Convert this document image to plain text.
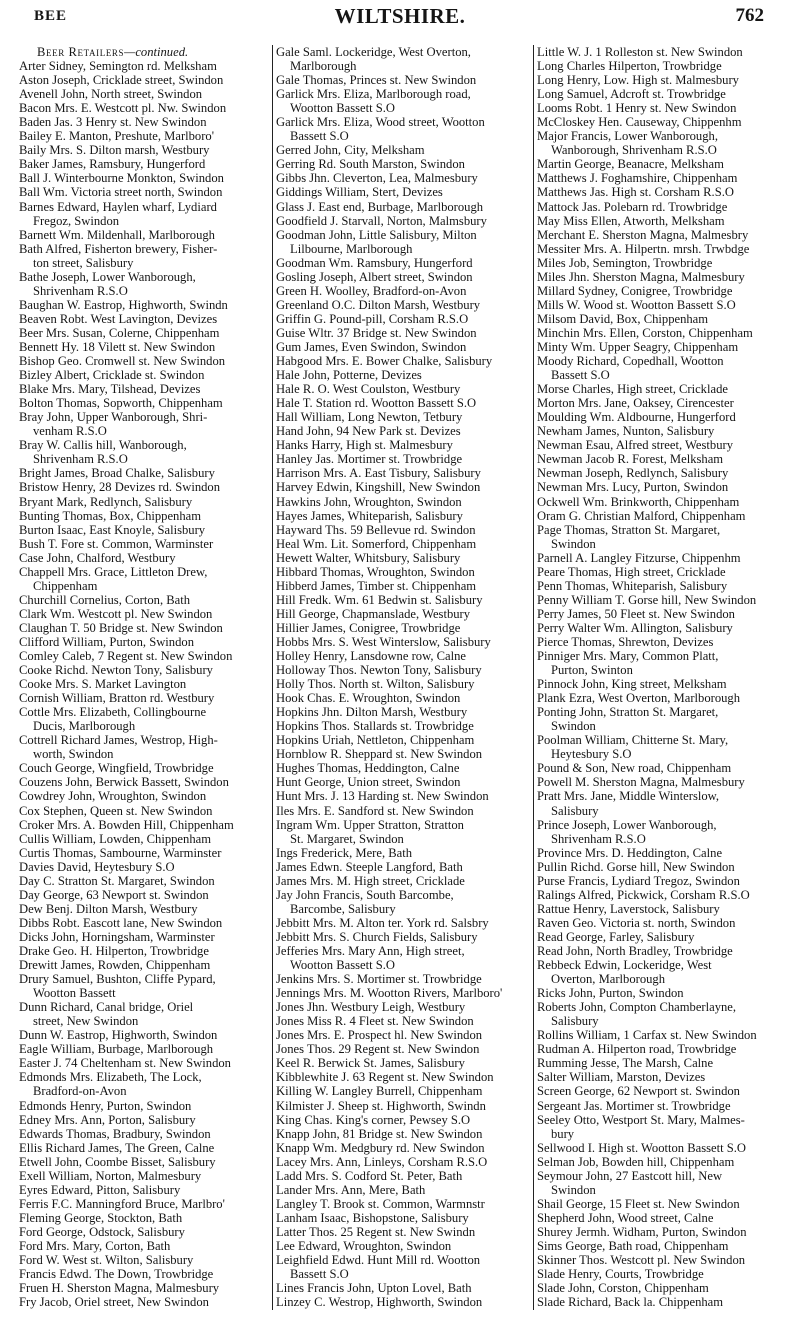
BEE	WILTSHIRE.	762
Beer Retailers—continued.
Arter Sidney, Semington rd. Melksham
Aston Joseph, Cricklade street, Swindon
Avenell John, North street, Swindon
Bacon Mrs. E. Westcott pl. Nw. Swindon
Baden Jas. 3 Henry st. New Swindon
Bailey E. Manton, Preshute, Marlboro'
Baily Mrs. S. Dilton marsh, Westbury
Baker James, Ramsbury, Hungerford
Ball J. Winterbourne Monkton, Swindon
Ball Wm. Victoria street north, Swindon
Barnes Edward, Haylen wharf, Lydiard
Fregoz, Swindon
Barnett Wm. Mildenhall, Marlborough
Bath Alfred, Fisherton brewery, Fisher-
ton street, Salisbury
Bathe Joseph, Lower Wanborough,
Shrivenham R.S.O
Baughan W. Eastrop, Highworth, Swindn
Beaven Robt. West Lavington, Devizes
Beer Mrs. Susan, Colerne, Chippenham
Bennett Hy. 18 Vilett st. New Swindon
Bishop Geo. Cromwell st. New Swindon
Bizley Albert, Cricklade st. Swindon
Blake Mrs. Mary, Tilshead, Devizes
Bolton Thomas, Sopworth, Chippenham
Bray John, Upper Wanborough, Shri-
venham R.S.O
Bray W. Callis hill, Wanborough,
Shrivenham R.S.O
Bright James, Broad Chalke, Salisbury
Bristow Henry, 28 Devizes rd. Swindon
Bryant Mark, Redlynch, Salisbury
Bunting Thomas, Box, Chippenham
Burton Isaac, East Knoyle, Salisbury
Bush T. Fore st. Common, Warminster
Case John, Chalford, Westbury
Chappell Mrs. Grace, Littleton Drew,
Chippenham
Churchill Cornelius, Corton, Bath
Clark Wm. Westcott pl. New Swindon
Claughan T. 50 Bridge st. New Swindon
Clifford William, Purton, Swindon
Comley Caleb, 7 Regent st. New Swindon
Cooke Richd. Newton Tony, Salisbury
Cooke Mrs. S. Market Lavington
Cornish William, Bratton rd. Westbury
Cottle Mrs. Elizabeth, Collingbourne
Ducis, Marlborough
Cottrell Richard James, Westrop, High-
worth, Swindon
Couch George, Wingfield, Trowbridge
Couzens John, Berwick Bassett, Swindon
Cowdrey John, Wroughton, Swindon
Cox Stephen, Queen st. New Swindon
Croker Mrs. A. Bowden Hill, Chippenham
Cullis William, Lowden, Chippenham
Curtis Thomas, Sambourne, Warminster
Davies David, Heytesbury S.O
Day C. Stratton St. Margaret, Swindon
Day George, 63 Newport st. Swindon
Dew Benj. Dilton Marsh, Westbury
Dibbs Robt. Eascott lane, New Swindon
Dicks John, Horningsham, Warminster
Drake Geo. H. Hilperton, Trowbridge
Drewitt James, Rowden, Chippenham
Drury Samuel, Bushton, Cliffe Pypard,
Wootton Bassett
Dunn Richard, Canal bridge, Oriel
street, New Swindon
Dunn W. Eastrop, Highworth, Swindon
Eagle William, Burbage, Marlborough
Easter J. 74 Cheltenham st. New Swindon
Edmonds Mrs. Elizabeth, The Lock,
Bradford-on-Avon
Edmonds Henry, Purton, Swindon
Edney Mrs. Ann, Porton, Salisbury
Edwards Thomas, Bradbury, Swindon
Ellis Richard James, The Green, Calne
Etwell John, Coombe Bisset, Salisbury
Exell William, Norton, Malmesbury
Eyres Edward, Pitton, Salisbury
Ferris F.C. Manningford Bruce, Marlbro'
Fleming George, Stockton, Bath
Ford George, Odstock, Salisbury
Ford Mrs. Mary, Corton, Bath
Ford W. West st. Wilton, Salisbury
Francis Edwd. The Down, Trowbridge
Fruen H. Sherston Magna, Malmesbury
Fry Jacob, Oriel street, New Swindon
Gale Saml. Lockeridge, West Overton,
Marlborough
Gale Thomas, Princes st. New Swindon
Garlick Mrs. Eliza, Marlborough road,
Wootton Bassett S.O
Garlick Mrs. Eliza, Wood street, Wootton
Bassett S.O
Gerred John, City, Melksham
Gerring Rd. South Marston, Swindon
Gibbs Jhn. Cleverton, Lea, Malmesbury
Giddings William, Stert, Devizes
Glass J. East end, Burbage, Marlborough
Goodfield J. Starvall, Norton, Malmsbury
Goodman John, Little Salisbury, Milton
Lilbourne, Marlborough
Goodman Wm. Ramsbury, Hungerford
Gosling Joseph, Albert street, Swindon
Green H. Woolley, Bradford-on-Avon
Greenland O.C. Dilton Marsh, Westbury
Griffin G. Pound-pill, Corsham R.S.O
Guise Wltr. 37 Bridge st. New Swindon
Gum James, Even Swindon, Swindon
Habgood Mrs. E. Bower Chalke, Salisbury
Hale John, Potterne, Devizes
Hale R. O. West Coulston, Westbury
Hale T. Station rd. Wootton Bassett S.O
Hall William, Long Newton, Tetbury
Hand John, 94 New Park st. Devizes
Hanks Harry, High st. Malmesbury
Hanley Jas. Mortimer st. Trowbridge
Harrison Mrs. A. East Tisbury, Salisbury
Harvey Edwin, Kingshill, New Swindon
Hawkins John, Wroughton, Swindon
Hayes James, Whiteparish, Salisbury
Hayward Ths. 59 Bellevue rd. Swindon
Heal Wm. Lit. Somerford, Chippenham
Hewett Walter, Whitsbury, Salisbury
Hibbard Thomas, Wroughton, Swindon
Hibberd James, Timber st. Chippenham
Hill Fredk. Wm. 61 Bedwin st. Salisbury
Hill George, Chapmanslade, Westbury
Hillier James, Conigree, Trowbridge
Hobbs Mrs. S. West Winterslow, Salisbury
Holley Henry, Lansdowne row, Calne
Holloway Thos. Newton Tony, Salisbury
Holly Thos. North st. Wilton, Salisbury
Hook Chas. E. Wroughton, Swindon
Hopkins Jhn. Dilton Marsh, Westbury
Hopkins Thos. Stallards st. Trowbridge
Hopkins Uriah, Nettleton, Chippenham
Hornblow R. Sheppard st. New Swindon
Hughes Thomas, Heddington, Calne
Hunt George, Union street, Swindon
Hunt Mrs. J. 13 Harding st. New Swindon
Iles Mrs. E. Sandford st. New Swindon
Ingram Wm. Upper Stratton, Stratton
St. Margaret, Swindon
Ings Frederick, Mere, Bath
James Edwn. Steeple Langford, Bath
James Mrs. M. High street, Cricklade
Jay John Francis, South Barcombe,
Barcombe, Salisbury
Jebbitt Mrs. M. Alton ter. York rd. Salsbry
Jebbitt Mrs. S. Church Fields, Salisbury
Jefferies Mrs. Mary Ann, High street,
Wootton Bassett S.O
Jenkins Mrs. S. Mortimer st. Trowbridge
Jennings Mrs. M. Wootton Rivers, Marlboro'
Jones Jhn. Westbury Leigh, Westbury
Jones Miss R. 4 Fleet st. New Swindon
Jones Mrs. E. Prospect hl. New Swindon
Jones Thos. 29 Regent st. New Swindon
Keel R. Berwick St. James, Salisbury
Kibblewhite J. 63 Regent st. New Swindon
Killing W. Langley Burrell, Chippenham
Kilmister J. Sheep st. Highworth, Swindn
King Chas. King's corner, Pewsey S.O
Knapp John, 81 Bridge st. New Swindon
Knapp Wm. Medgbury rd. New Swindon
Lacey Mrs. Ann, Linleys, Corsham R.S.O
Ladd Mrs. S. Codford St. Peter, Bath
Lander Mrs. Ann, Mere, Bath
Langley T. Brook st. Common, Warmnstr
Lanham Isaac, Bishopstone, Salisbury
Latter Thos. 25 Regent st. New Swindn
Lee Edward, Wroughton, Swindon
Leighfield Edwd. Hunt Mill rd. Wootton
Bassett S.O
Lines Francis John, Upton Lovel, Bath
Linzey C. Westrop, Highworth, Swindon
Little W. J. 1 Rolleston st. New Swindon
Long Charles Hilperton, Trowbridge
Long Henry, Low. High st. Malmesbury
Long Samuel, Adcroft st. Trowbridge
Looms Robt. 1 Henry st. New Swindon
McCloskey Hen. Causeway, Chippenhm
Major Francis, Lower Wanborough,
Wanborough, Shrivenham R.S.O
Martin George, Beanacre, Melksham
Matthews J. Foghamshire, Chippenham
Matthews Jas. High st. Corsham R.S.O
Mattock Jas. Polebarn rd. Trowbridge
May Miss Ellen, Atworth, Melksham
Merchant E. Sherston Magna, Malmesbry
Messiter Mrs. A. Hilpertn. mrsh. Trwbdge
Miles Job, Semington, Trowbridge
Miles Jhn. Sherston Magna, Malmesbury
Millard Sydney, Conigree, Trowbridge
Mills W. Wood st. Wootton Bassett S.O
Milsom David, Box, Chippenham
Minchin Mrs. Ellen, Corston, Chippenham
Minty Wm. Upper Seagry, Chippenham
Moody Richard, Copedhall, Wootton
Bassett S.O
Morse Charles, High street, Cricklade
Morton Mrs. Jane, Oaksey, Cirencester
Moulding Wm. Aldbourne, Hungerford
Newham James, Nunton, Salisbury
Newman Esau, Alfred street, Westbury
Newman Jacob R. Forest, Melksham
Newman Joseph, Redlynch, Salisbury
Newman Mrs. Lucy, Purton, Swindon
Ockwell Wm. Brinkworth, Chippenham
Oram G. Christian Malford, Chippenham
Page Thomas, Stratton St. Margaret,
Swindon
Parnell A. Langley Fitzurse, Chippenhm
Peare Thomas, High street, Cricklade
Penn Thomas, Whiteparish, Salisbury
Penny William T. Gorse hill, New Swindon
Perry James, 50 Fleet st. New Swindon
Perry Walter Wm. Allington, Salisbury
Pierce Thomas, Shrewton, Devizes
Pinniger Mrs. Mary, Common Platt,
Purton, Swinton
Pinnock John, King street, Melksham
Plank Ezra, West Overton, Marlborough
Ponting John, Stratton St. Margaret,
Swindon
Poolman William, Chitterne St. Mary,
Heytesbury S.O
Pound & Son, New road, Chippenham
Powell M. Sherston Magna, Malmesbury
Pratt Mrs. Jane, Middle Winterslow,
Salisbury
Prince Joseph, Lower Wanborough,
Shrivenham R.S.O
Province Mrs. D. Heddington, Calne
Pullin Richd. Gorse hill, New Swindon
Purse Francis, Lydiard Tregoz, Swindon
Ralings Alfred, Pickwick, Corsham R.S.O
Rattue Henry, Laverstock, Salisbury
Raven Geo. Victoria st. north, Swindon
Read George, Farley, Salisbury
Read John, North Bradley, Trowbridge
Rebbeck Edwin, Lockeridge, West
Overton, Marlborough
Ricks John, Purton, Swindon
Roberts John, Compton Chamberlayne,
Salisbury
Rollins William, 1 Carfax st. New Swindon
Rudman A. Hilperton road, Trowbridge
Rumming Jesse, The Marsh, Calne
Salter William, Marston, Devizes
Screen George, 62 Newport st. Swindon
Sergeant Jas. Mortimer st. Trowbridge
Seeley Otto, Westport St. Mary, Malmes-
bury
Sellwood I. High st. Wootton Bassett S.O
Selman Job, Bowden hill, Chippenham
Seymour John, 27 Eastcott hill, New
Swindon
Shail George, 15 Fleet st. New Swindon
Shepherd John, Wood street, Calne
Shurey Jermh. Widham, Purton, Swindon
Sims George, Bath road, Chippenham
Skinner Thos. Westcott pl. New Swindon
Slade Henry, Courts, Trowbridge
Slade John, Corston, Chippenham
Slade Richard, Back la. Chippenham
